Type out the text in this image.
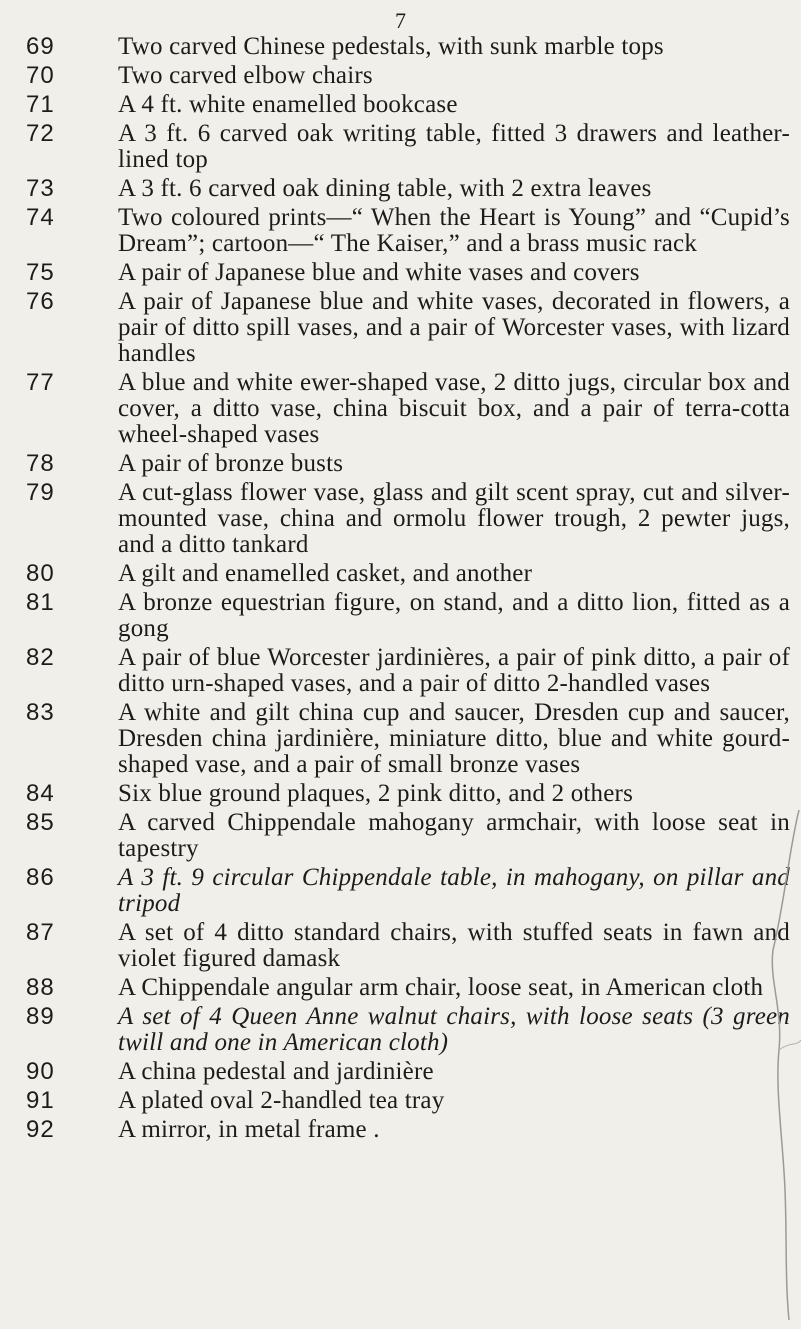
7
69	Two carved Chinese pedestals, with sunk marble tops
70	Two carved elbow chairs
71	A 4 ft. white enamelled bookcase
72	A 3 ft. 6 carved oak writing table, fitted 3 drawers and leather-lined top
73	A 3 ft. 6 carved oak dining table, with 2 extra leaves
74	Two coloured prints—“ When the Heart is Young” and “Cupid’s Dream”; cartoon—“ The Kaiser,” and a brass music rack
75	A pair of Japanese blue and white vases and covers
76	A pair of Japanese blue and white vases, decorated in flowers, a pair of ditto spill vases, and a pair of Worcester vases, with lizard handles
77	A blue and white ewer-shaped vase, 2 ditto jugs, circular box and cover, a ditto vase, china biscuit box, and a pair of terra-cotta wheel-shaped vases
78	A pair of bronze busts
79	A cut-glass flower vase, glass and gilt scent spray, cut and silver-mounted vase, china and ormolu flower trough, 2 pewter jugs, and a ditto tankard
80	A gilt and enamelled casket, and another
81	A bronze equestrian figure, on stand, and a ditto lion, fitted as a gong
82	A pair of blue Worcester jardinières, a pair of pink ditto, a pair of ditto urn-shaped vases, and a pair of ditto 2-handled vases
83	A white and gilt china cup and saucer, Dresden cup and saucer, Dresden china jardinière, miniature ditto, blue and white gourd-shaped vase, and a pair of small bronze vases
84	Six blue ground plaques, 2 pink ditto, and 2 others
85	A carved Chippendale mahogany armchair, with loose seat in tapestry
86	A 3 ft. 9 circular Chippendale table, in mahogany, on pillar and tripod
87	A set of 4 ditto standard chairs, with stuffed seats in fawn and violet figured damask
88	A Chippendale angular arm chair, loose seat, in American cloth
89	A set of 4 Queen Anne walnut chairs, with loose seats (3 green twill and one in American cloth)
90	A china pedestal and jardinière
91	A plated oval 2-handled tea tray
92	A mirror, in metal frame .
